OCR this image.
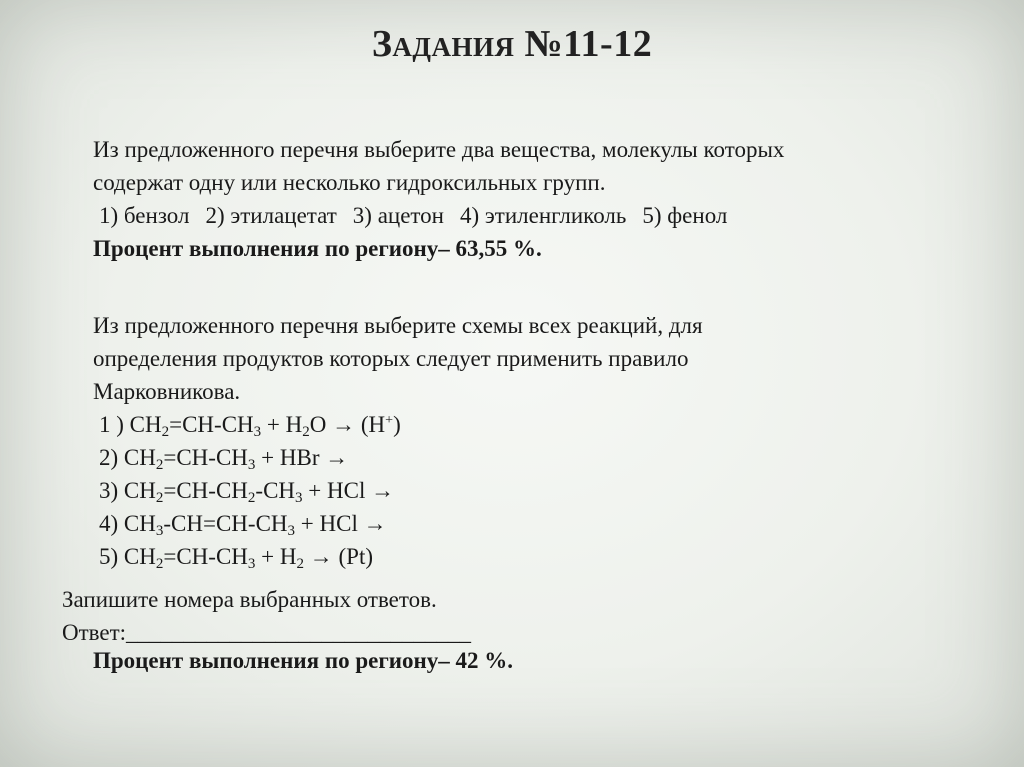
Задания №11-12
Из предложенного перечня выберите два вещества, молекулы которых
содержат одну или несколько гидроксильных групп.
1) бензол 2) этилацетат 3) ацетон 4) этиленгликоль 5) фенол
Процент выполнения по региону– 63,55 %.
Из предложенного перечня выберите схемы всех реакций, для
определения продуктов которых следует применить правило
Марковникова.
1 ) $CH_2=CH-CH_3 + H_2O \to (H^+)$
2) $CH_2=CH-CH_3$ + HBr →
3) $CH_2=CH-CH_2-CH_3$ + HCl →
4) $CH_3-CH=CH-CH_3$ + HCl →
5) $CH_2=CH-CH_3 + H_2 \to (Pt)$
Запишите номера выбранных ответов.
Ответ:______________________________
Процент выполнения по региону– 42 %.
